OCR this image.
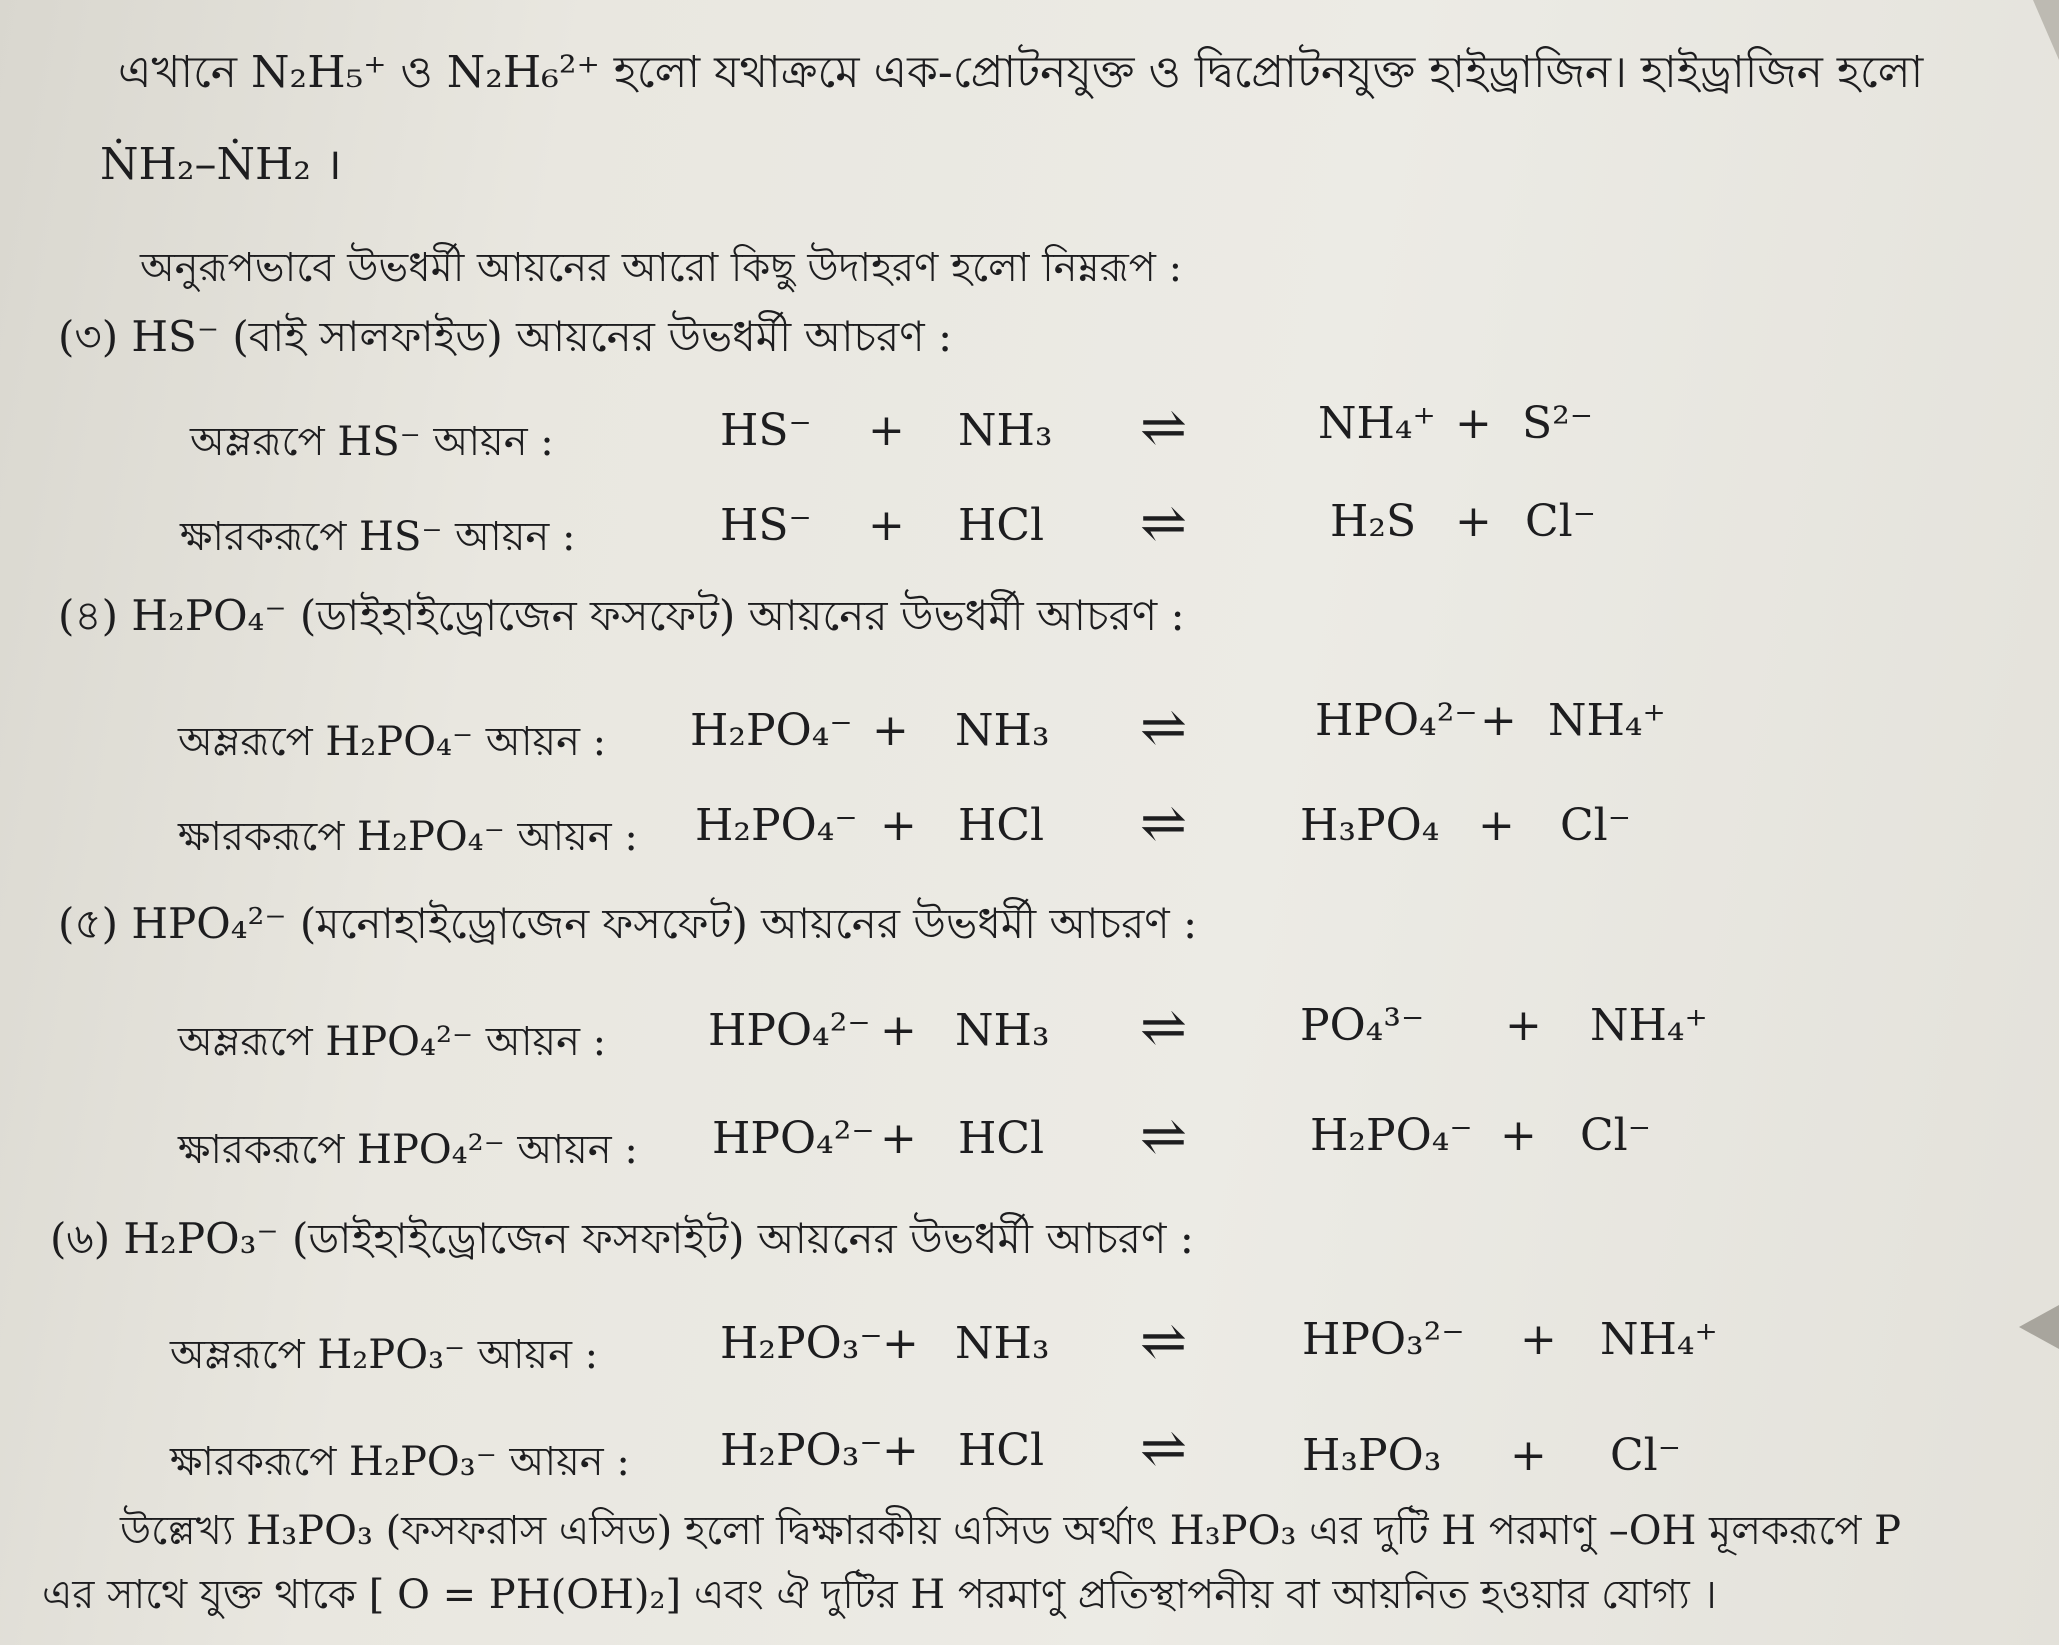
এখানে N₂H₅⁺ ও N₂H₆²⁺ হলো যথাক্রমে এক-প্রোটনযুক্ত ও দ্বিপ্রোটনযুক্ত হাইড্রাজিন। হাইড্রাজিন হলো
ṄH₂–ṄH₂ ।
অনুরূপভাবে উভধর্মী আয়নের আরো কিছু উদাহরণ হলো নিম্নরূপ :
(৩) HS⁻ (বাই সালফাইড) আয়নের উভধর্মী আচরণ :
অম্লরূপে HS⁻ আয়ন :	HS⁻ + NH₃ ⇌	NH₄⁺ + S²⁻
ক্ষারকরূপে HS⁻ আয়ন :	HS⁻ + HCl ⇌	H₂S + Cl⁻
(৪) H₂PO₄⁻ (ডাইহাইড্রোজেন ফসফেট) আয়নের উভধর্মী আচরণ :
অম্লরূপে H₂PO₄⁻ আয়ন : H₂PO₄⁻ + NH₃ ⇌	HPO₄²⁻ + NH₄⁺
ক্ষারকরূপে H₂PO₄⁻ আয়ন : H₂PO₄⁻ + HCl ⇌	H₃PO₄ + Cl⁻
(৫) HPO₄²⁻ (মনোহাইড্রোজেন ফসফেট) আয়নের উভধর্মী আচরণ :
অম্লরূপে HPO₄²⁻ আয়ন : HPO₄²⁻ + NH₃ ⇌	PO₄³⁻ + NH₄⁺
ক্ষারকরূপে HPO₄²⁻ আয়ন : HPO₄²⁻ + HCl ⇌	H₂PO₄⁻ + Cl⁻
(৬) H₂PO₃⁻ (ডাইহাইড্রোজেন ফসফাইট) আয়নের উভধর্মী আচরণ :
অম্লরূপে H₂PO₃⁻ আয়ন :	H₂PO₃⁻ + NH₃ ⇌	HPO₃²⁻ + NH₄⁺
ক্ষারকরূপে H₂PO₃⁻ আয়ন : H₂PO₃⁻ + HCl ⇌	H₃PO₃ + Cl⁻
উল্লেখ্য H₃PO₃ (ফসফরাস এসিড) হলো দ্বিক্ষারকীয় এসিড অর্থাৎ H₃PO₃ এর দুটি H পরমাণু –OH মূলকরূপে P
এর সাথে যুক্ত থাকে [ O = PH(OH)₂] এবং ঐ দুটির H পরমাণু প্রতিস্থাপনীয় বা আয়নিত হওয়ার যোগ্য ।
